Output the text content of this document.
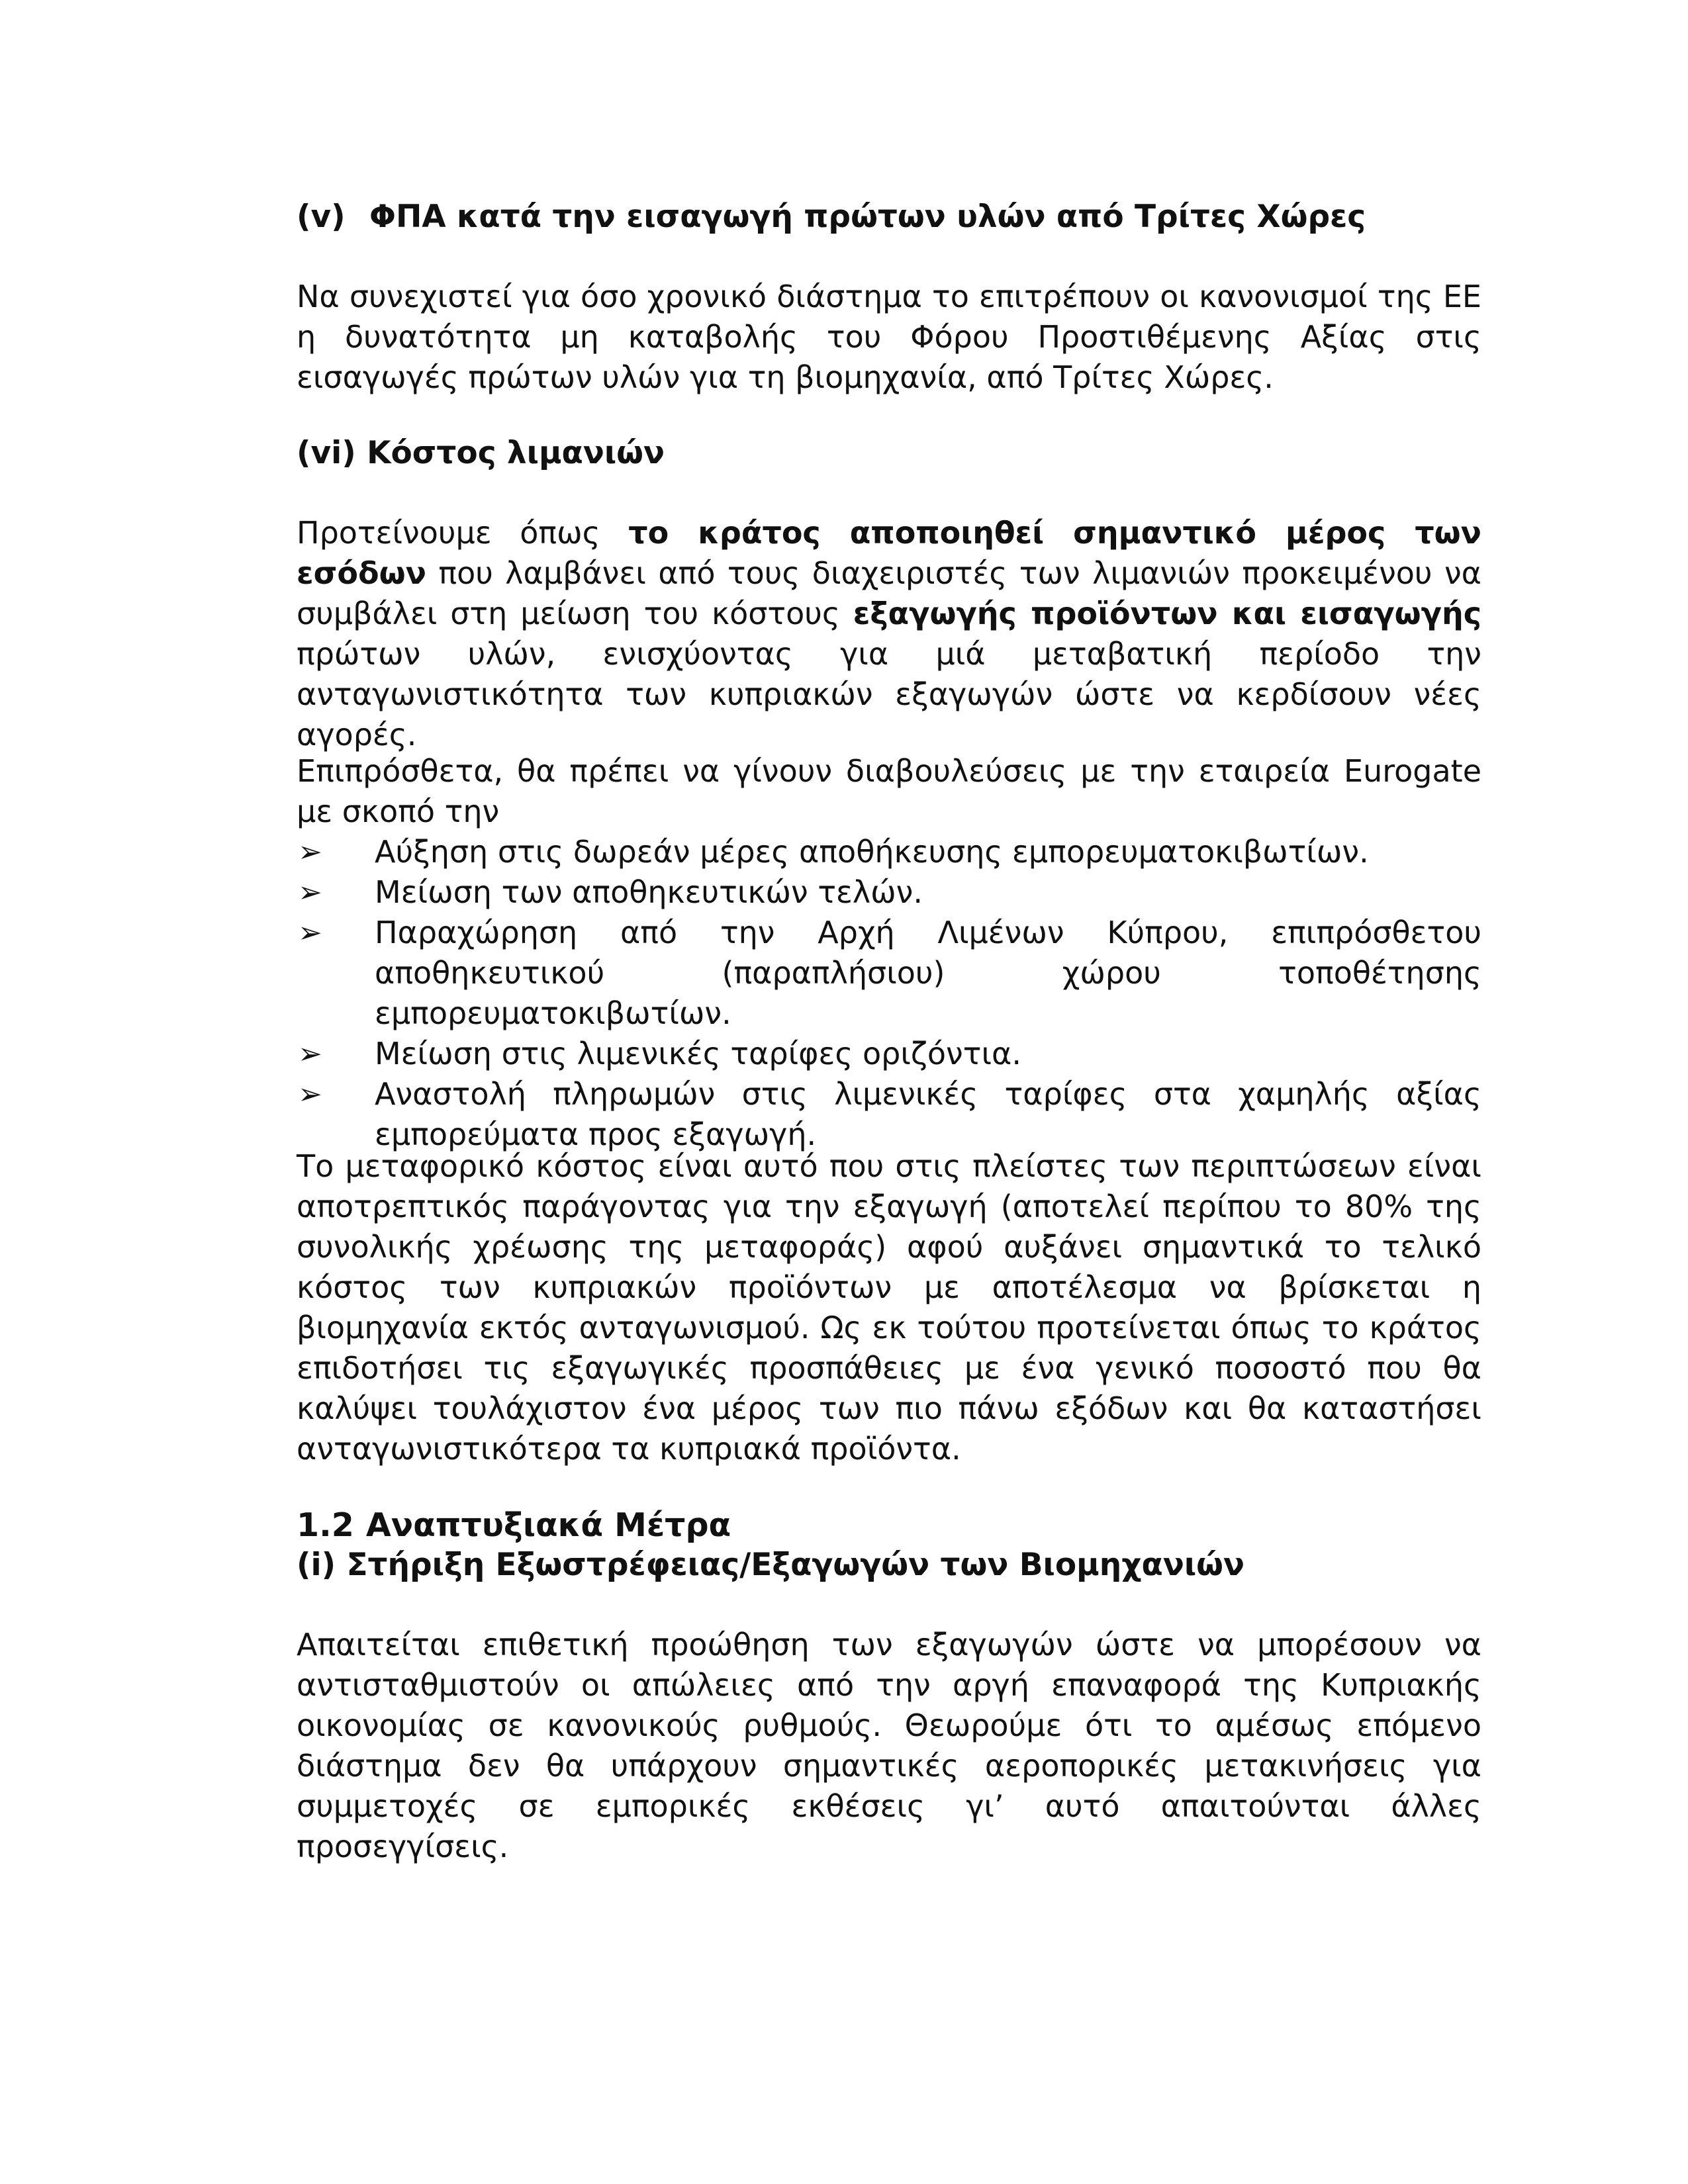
(v) ΦΠΑ κατά την εισαγωγή πρώτων υλών από Τρίτες Χώρες
Να συνεχιστεί για όσο χρονικό διάστημα το επιτρέπουν οι κανονισμοί της ΕΕ η δυνατότητα μη καταβολής του Φόρου Προστιθέμενης Αξίας στις εισαγωγές πρώτων υλών για τη βιομηχανία, από Τρίτες Χώρες.
(vi) Κόστος λιμανιών
Προτείνουμε όπως το κράτος αποποιηθεί σημαντικό μέρος των εσόδων που λαμβάνει από τους διαχειριστές των λιμανιών προκειμένου να συμβάλει στη μείωση του κόστους εξαγωγής προϊόντων και εισαγωγής πρώτων υλών, ενισχύοντας για μιά μεταβατική περίοδο την ανταγωνιστικότητα των κυπριακών εξαγωγών ώστε να κερδίσουν νέες αγορές.
Επιπρόσθετα, θα πρέπει να γίνουν διαβουλεύσεις με την εταιρεία Eurogate με σκοπό την
➢	Αύξηση στις δωρεάν μέρες αποθήκευσης εμπορευματοκιβωτίων.
➢	Μείωση των αποθηκευτικών τελών.
➢	Παραχώρηση από την Αρχή Λιμένων Κύπρου, επιπρόσθετου αποθηκευτικού (παραπλήσιου) χώρου τοποθέτησης εμπορευματοκιβωτίων.
➢	Μείωση στις λιμενικές ταρίφες οριζόντια.
➢	Αναστολή πληρωμών στις λιμενικές ταρίφες στα χαμηλής αξίας εμπορεύματα προς εξαγωγή.
Το μεταφορικό κόστος είναι αυτό που στις πλείστες των περιπτώσεων είναι αποτρεπτικός παράγοντας για την εξαγωγή (αποτελεί περίπου το 80% της συνολικής χρέωσης της μεταφοράς) αφού αυξάνει σημαντικά το τελικό κόστος των κυπριακών προϊόντων με αποτέλεσμα να βρίσκεται η βιομηχανία εκτός ανταγωνισμού. Ως εκ τούτου προτείνεται όπως το κράτος επιδοτήσει τις εξαγωγικές προσπάθειες με ένα γενικό ποσοστό που θα καλύψει τουλάχιστον ένα μέρος των πιο πάνω εξόδων και θα καταστήσει ανταγωνιστικότερα τα κυπριακά προϊόντα.
1.2 Αναπτυξιακά Μέτρα
(i) Στήριξη Εξωστρέφειας/Εξαγωγών των Βιομηχανιών
Απαιτείται επιθετική προώθηση των εξαγωγών ώστε να μπορέσουν να αντισταθμιστούν οι απώλειες από την αργή επαναφορά της Κυπριακής οικονομίας σε κανονικούς ρυθμούς. Θεωρούμε ότι το αμέσως επόμενο διάστημα δεν θα υπάρχουν σημαντικές αεροπορικές μετακινήσεις για συμμετοχές σε εμπορικές εκθέσεις γι’ αυτό απαιτούνται άλλες προσεγγίσεις.
